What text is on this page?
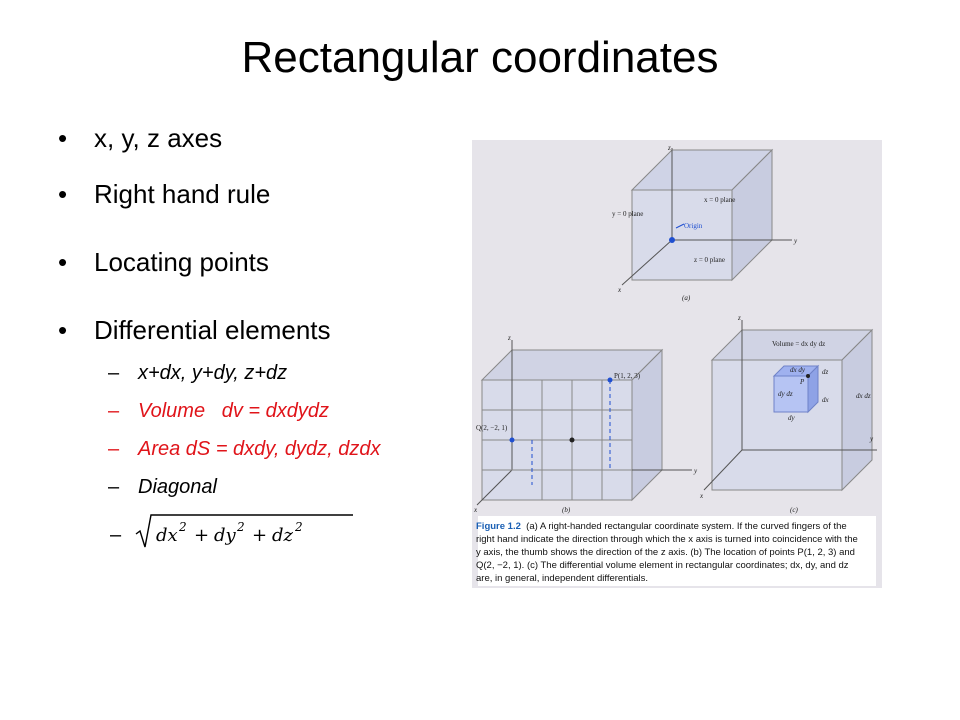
Rectangular coordinates
• x, y, z axes
• Right hand rule
• Locating points
• Differential elements
– x+dx, y+dy, z+dz
– Volume   dv = dxdydz
– Area dS = dxdy, dydz, dzdx
– Diagonal
– dx 2 + dy 2 + dz 2
z
y
x
x = 0 plane
y = 0 plane
Origin
z = 0 plane
(a)
z
y
x
P(1, 2, 3)
Q(2, −2, 1)
(b)
z
y
x
Volume = dx dy dz
dx dy
dy dz	dx dz
dz
dx
dy
P
(c)
Figure 1.2 (a) A right-handed rectangular coordinate system. If the curved fingers of the
right hand indicate the direction through which the x axis is turned into coincidence with the
y axis, the thumb shows the direction of the z axis. (b) The location of points P(1, 2, 3) and
Q(2, −2, 1). (c) The differential volume element in rectangular coordinates; dx, dy, and dz
are, in general, independent differentials.
